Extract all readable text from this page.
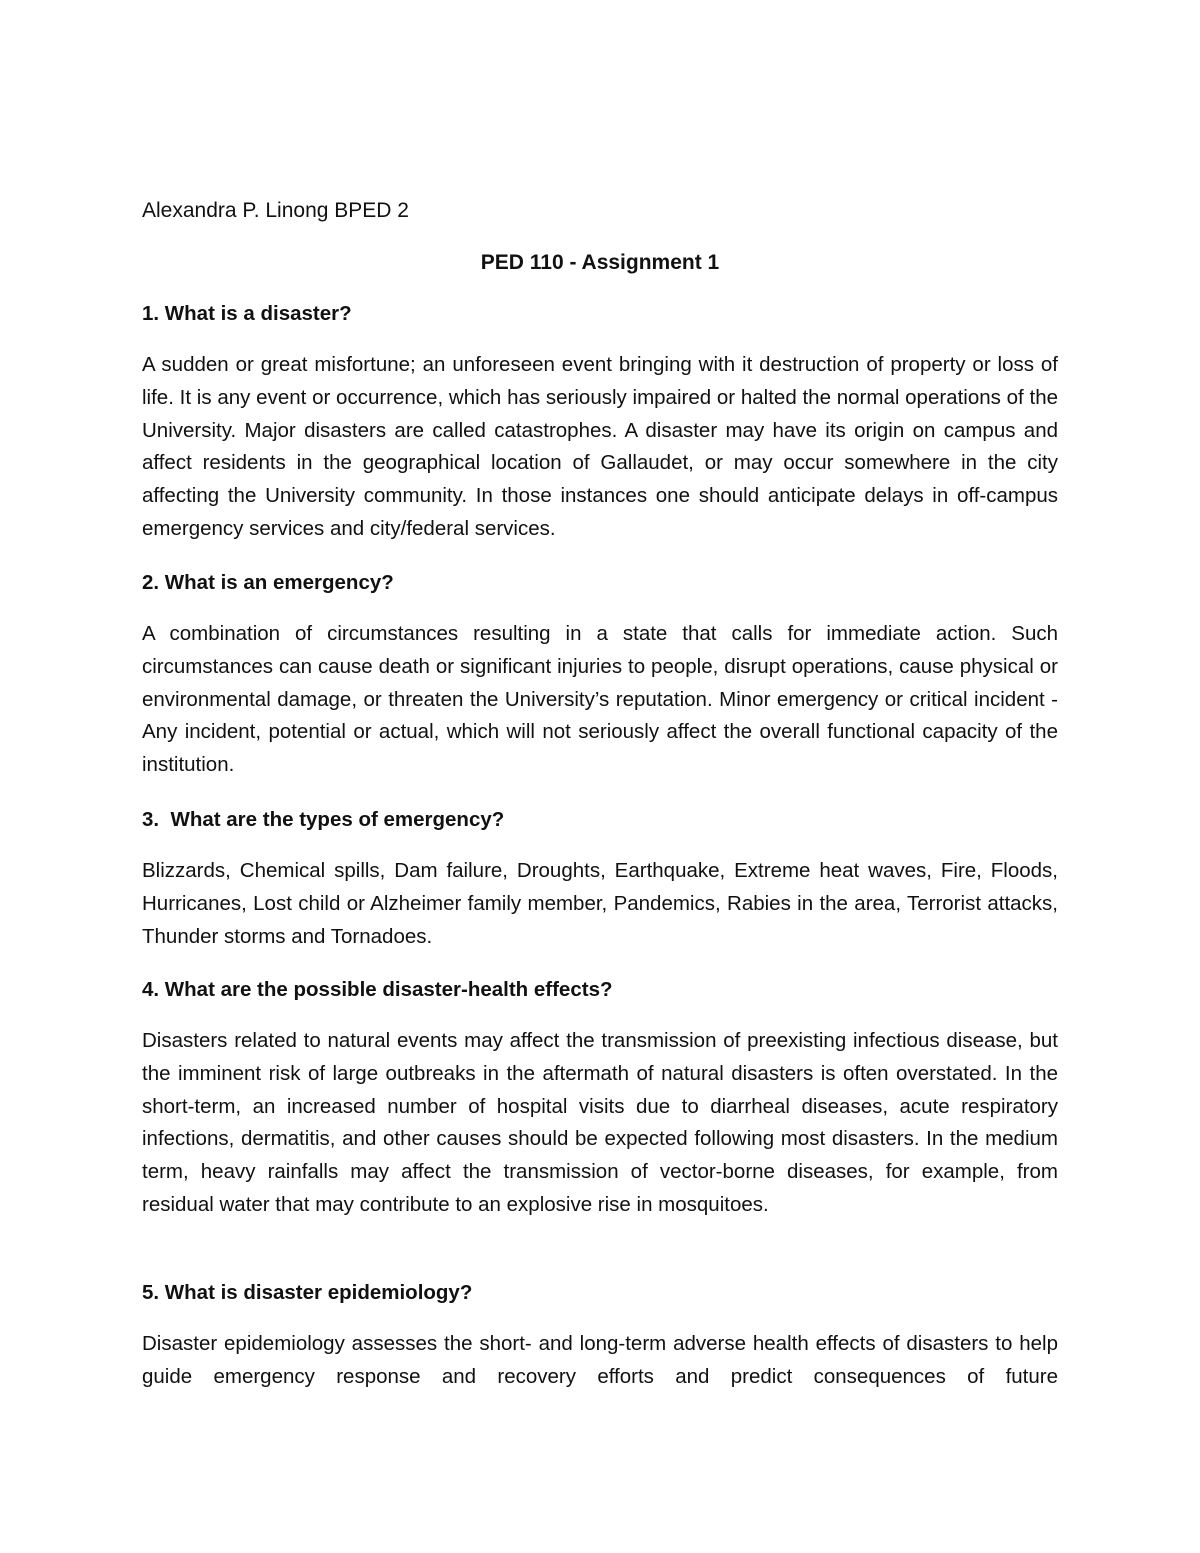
Alexandra P. Linong BPED 2
PED 110 - Assignment 1

1. What is a disaster?

A sudden or great misfortune; an unforeseen event bringing with it destruction of property or loss of life. It is any event or occurrence, which has seriously impaired or halted the normal operations of the University. Major disasters are called catastrophes. A disaster may have its origin on campus and affect residents in the geographical location of Gallaudet, or may occur somewhere in the city affecting the University community. In those instances one should anticipate delays in off-campus emergency services and city/federal services.

2. What is an emergency?

A combination of circumstances resulting in a state that calls for immediate action. Such circumstances can cause death or significant injuries to people, disrupt operations, cause physical or environmental damage, or threaten the University’s reputation. Minor emergency or critical incident - Any incident, potential or actual, which will not seriously affect the overall functional capacity of the institution.

3.  What are the types of emergency?

Blizzards, Chemical spills, Dam failure, Droughts, Earthquake, Extreme heat waves, Fire, Floods, Hurricanes, Lost child or Alzheimer family member, Pandemics, Rabies in the area, Terrorist attacks, Thunder storms and Tornadoes.

4. What are the possible disaster-health effects?

Disasters related to natural events may affect the transmission of preexisting infectious disease, but the imminent risk of large outbreaks in the aftermath of natural disasters is often overstated. In the short-term, an increased number of hospital visits due to diarrheal diseases, acute respiratory infections, dermatitis, and other causes should be expected following most disasters. In the medium term, heavy rainfalls may affect the transmission of vector-borne diseases, for example, from residual water that may contribute to an explosive rise in mosquitoes.

5. What is disaster epidemiology?

Disaster epidemiology assesses the short- and long-term adverse health effects of disasters to help guide emergency response and recovery efforts and predict consequences of future
